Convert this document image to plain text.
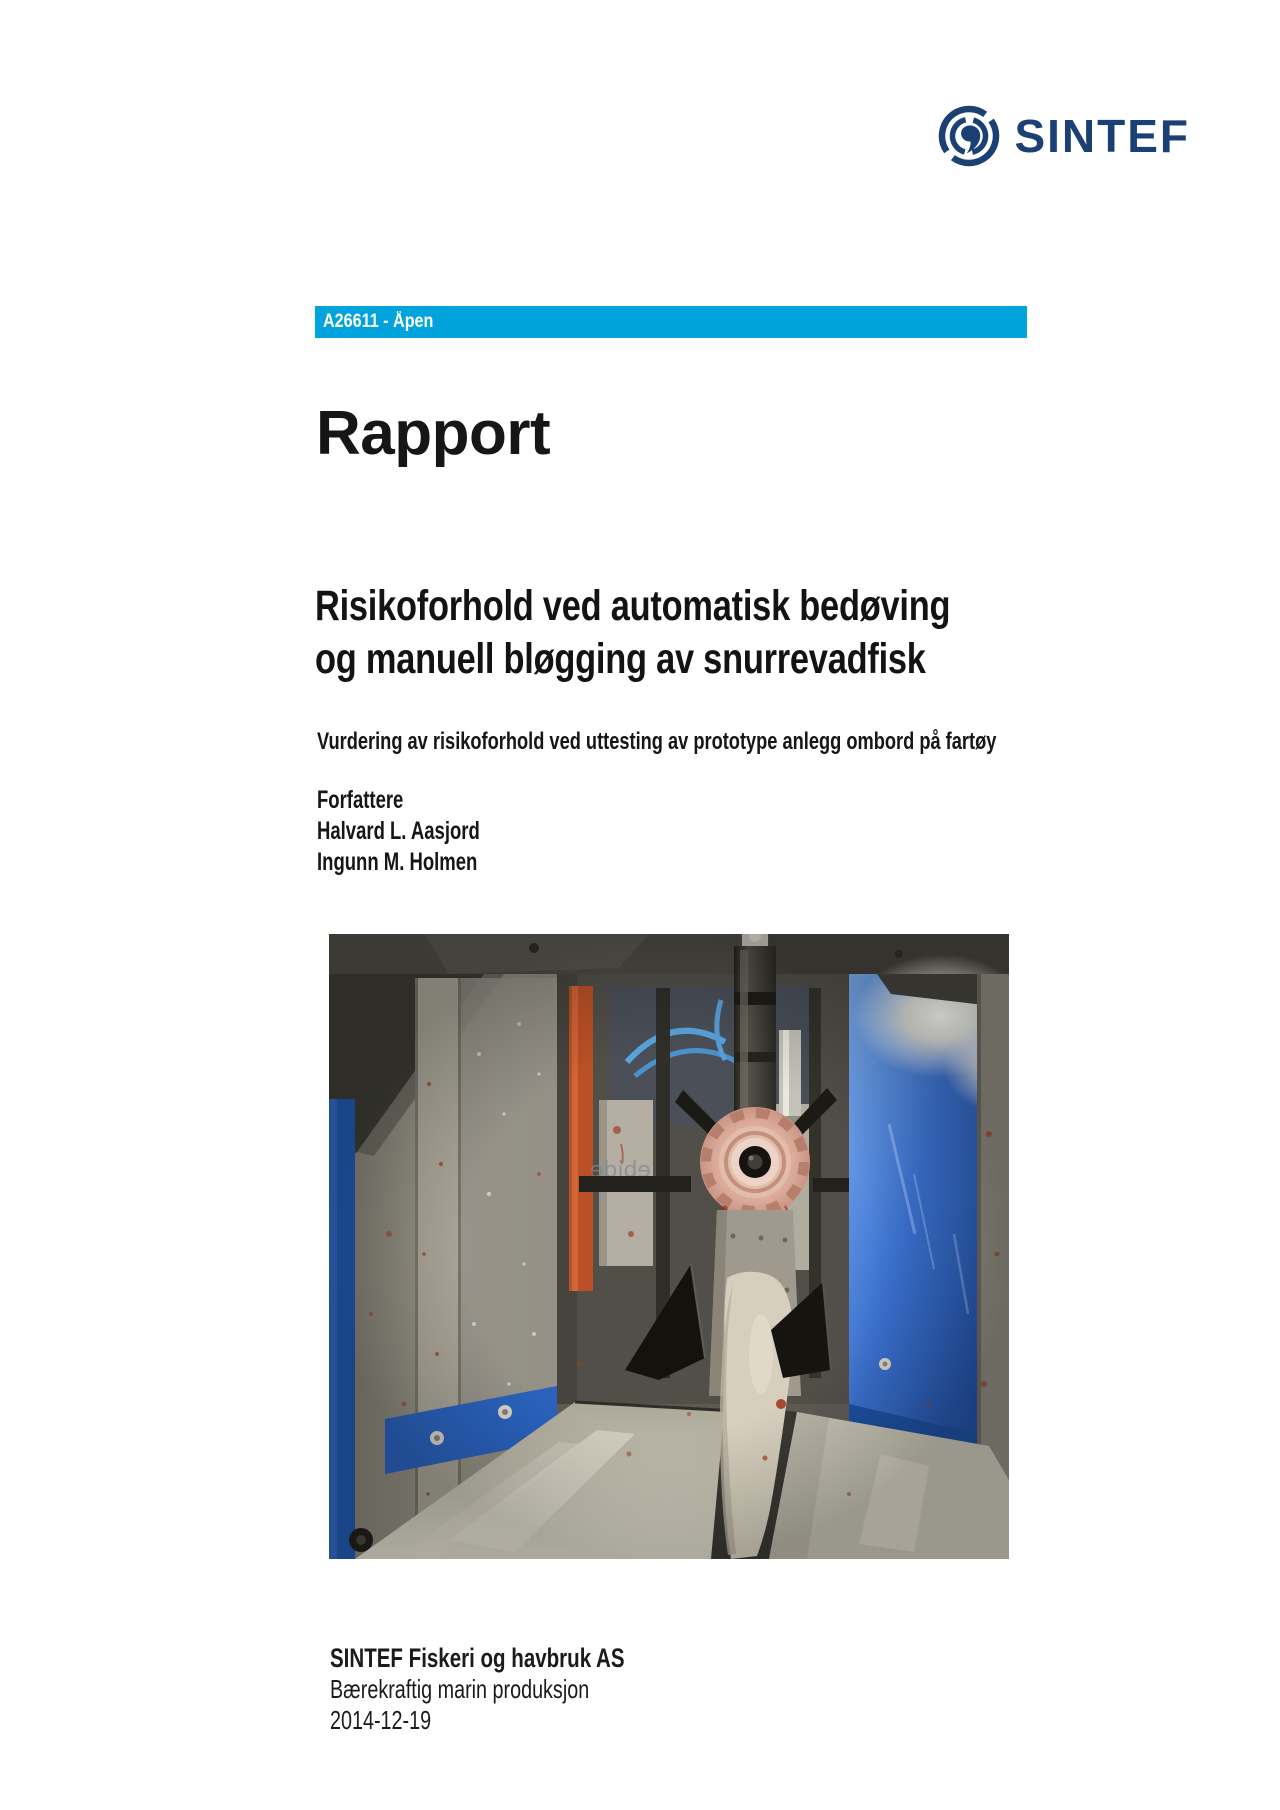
SINTEF
A26611 - Åpen
Rapport
Risikoforhold ved automatisk bedøving
og manuell bløgging av snurrevadfisk
Vurdering av risikoforhold ved uttesting av prototype anlegg ombord på fartøy
Forfattere
Halvard L. Aasjord
Ingunn M. Holmen
SINTEF Fiskeri og havbruk AS
Bærekraftig marin produksjon
2014-12-19
